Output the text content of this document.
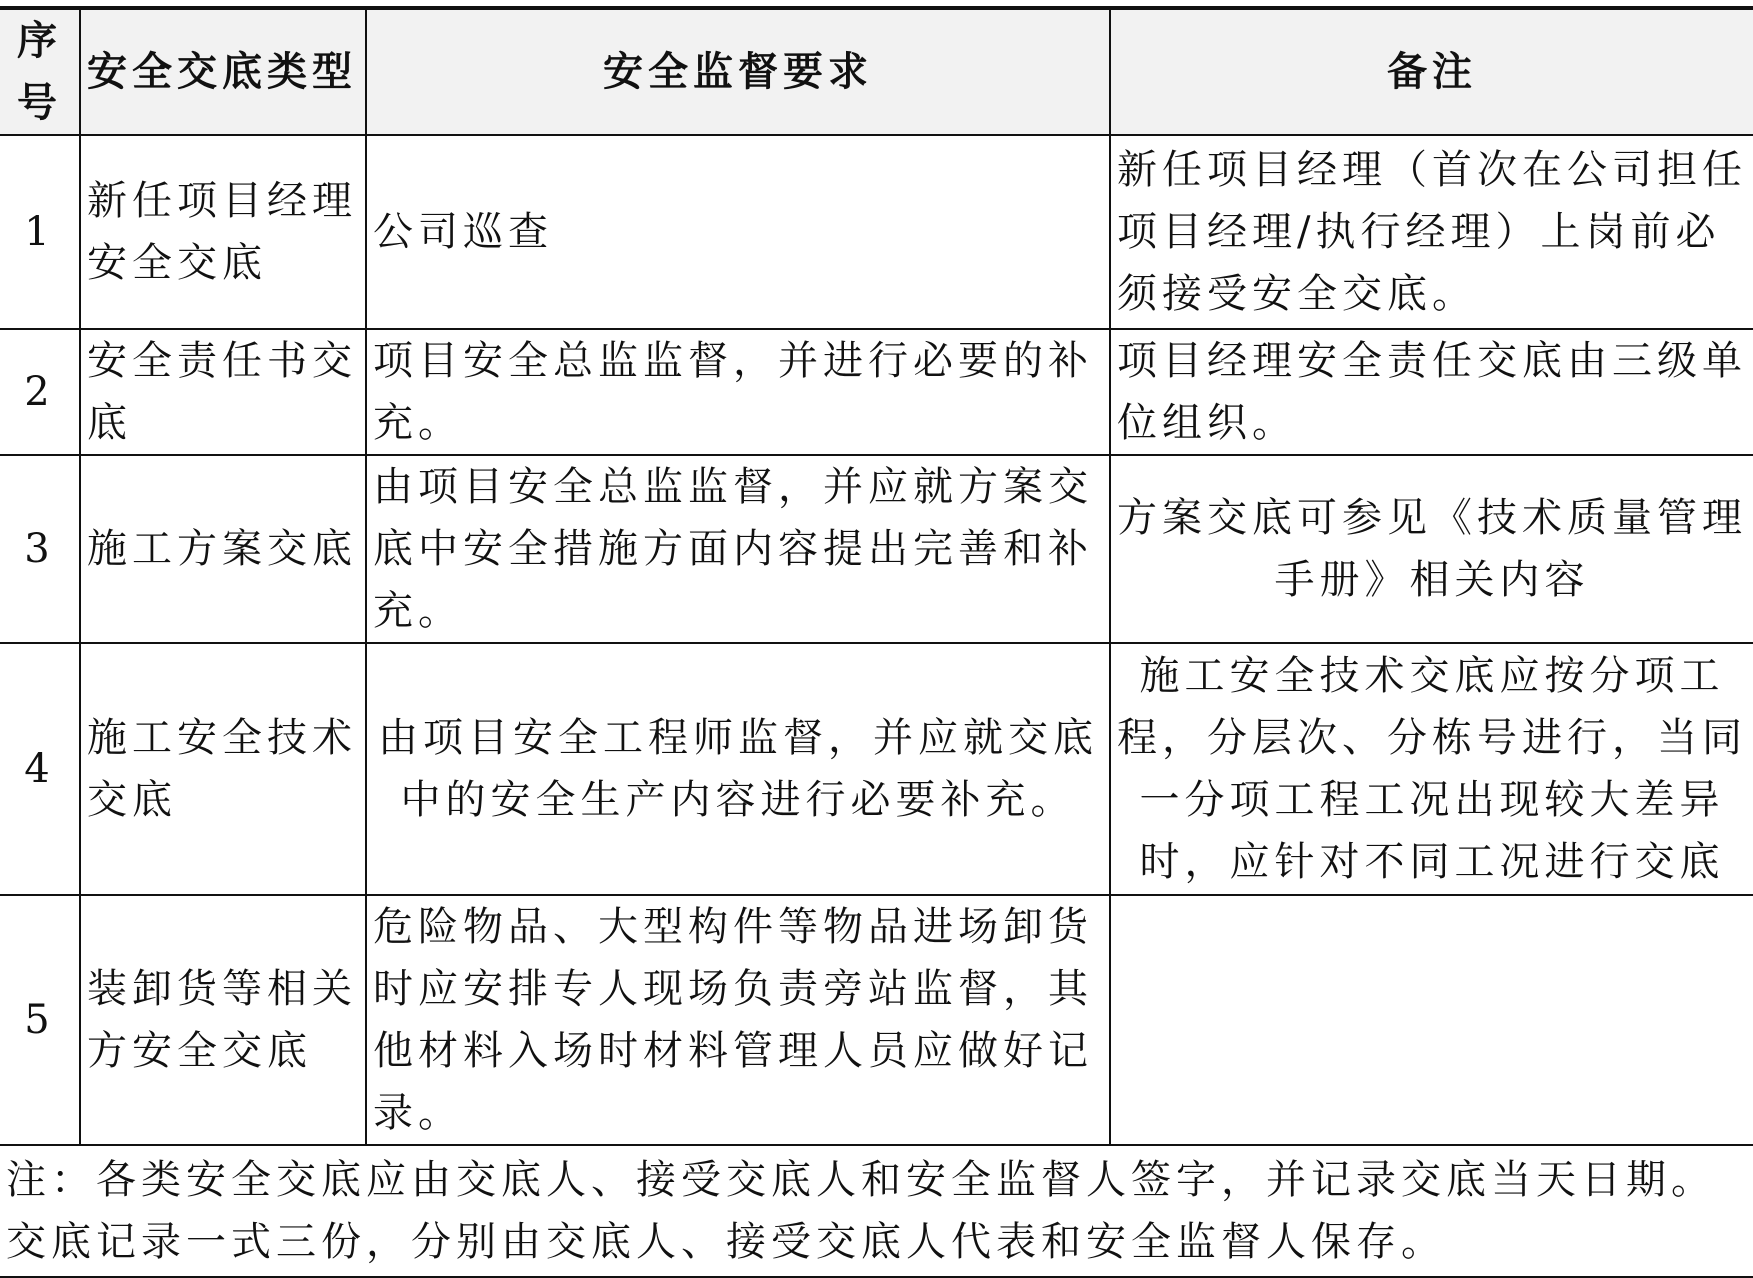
序号	安全交底类型	安全监督要求	备注
1	新任项目经理安全交底	公司巡查	新任项目经理（首次在公司担任项目经理/执行经理）上岗前必须接受安全交底。
2	安全责任书交底	项目安全总监监督，并进行必要的补充。	项目经理安全责任交底由三级单位组织。
3	施工方案交底	由项目安全总监监督，并应就方案交底中安全措施方面内容提出完善和补充。	方案交底可参见《技术质量管理手册》相关内容
4	施工安全技术交底	由项目安全工程师监督，并应就交底中的安全生产内容进行必要补充。	施工安全技术交底应按分项工程，分层次、分栋号进行，当同一分项工程工况出现较大差异时，应针对不同工况进行交底
5	装卸货等相关方安全交底	危险物品、大型构件等物品进场卸货时应安排专人现场负责旁站监督，其他材料入场时材料管理人员应做好记录。	
注：各类安全交底应由交底人、接受交底人和安全监督人签字，并记录交底当天日期。交底记录一式三份，分别由交底人、接受交底人代表和安全监督人保存。			
